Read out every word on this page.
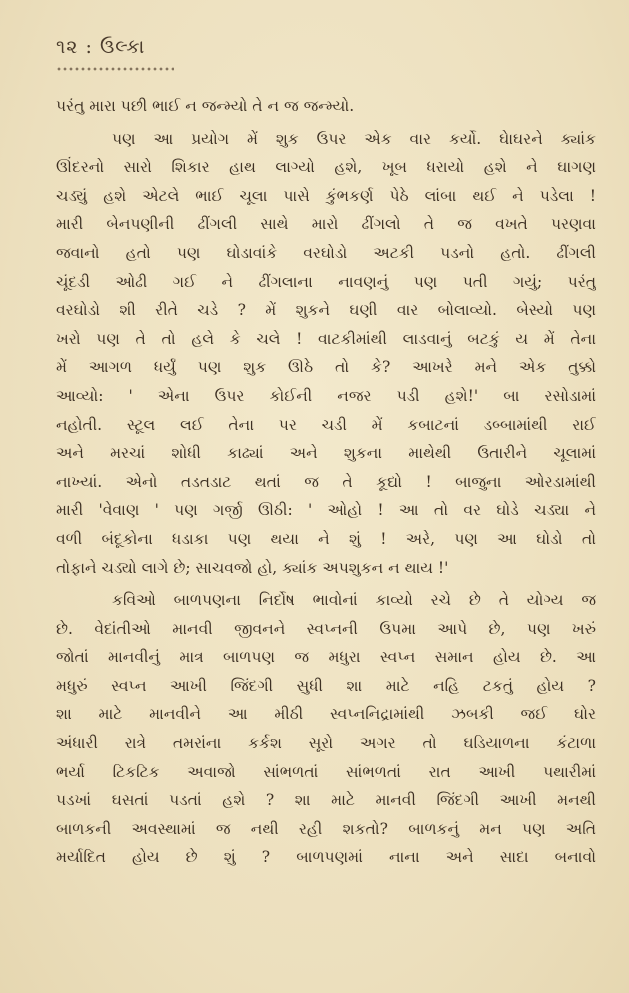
૧૨ : ઉલ્કા
પરંતુ મારા પછી ભાઈ ન જન્મ્યો તે ન જ જન્મ્યો.
પણ આ પ્રયોગ મેં શુક ઉપર એક વાર કર્યો. ઘેાઘરને ક્યાંક
ઊંદરનો સારો શિકાર હાથ લાગ્યો હશે, ખૂબ ધરાયો હશે ને ઘાગણ
ચડ્યું હશે એટલે ભાઈ ચૂલા પાસે કુંભકર્ણ પેઠે લાંબા થઈ ને પડેલા !
મારી બેનપણીની ઢીંગલી સાથે મારો ઢીંગલો તે જ વખતે પરણવા
જવાનો હતો પણ ઘોડાવાંકે વરઘોડો અટકી પડનો હતો. ઢીંગલી
ચૂંદડી ઓઢી ગઈ ને ઢીંગલાના નાવણનું પણ પતી ગયું; પરંતુ
વરઘોડો શી રીતે ચડે ? મેં શુકને ઘણી વાર બોલાવ્યો. બેસ્યો પણ
ખરો પણ તે તો હલે કે ચલે ! વાટકીમાંથી લાડવાનું બટકું ય મેં તેના
મેં આગળ ધર્યું પણ શુક ઊઠે તો કે? આખરે મને એક તુક્કો
આવ્યો: ' એના ઉપર કોઈની નજર પડી હશે!' બા રસોડામાં
નહોતી. સ્ટૂલ લઈ તેના પર ચડી મેં કબાટનાં ડબ્બામાંથી રાઈ
અને મરચાં શોધી કાઢ્યાં અને શુકના માથેથી ઉતારીને ચૂલામાં
નાખ્યાં. એનો તડતડાટ થતાં જ તે કૂદ્યો ! બાજુના ઓરડામાંથી
મારી 'વેવાણ ' પણ ગર્જી ઊઠી: ' ઓહો ! આ તો વર ઘોડે ચડ્યા ને
વળી બંદૂકોના ધડાકા પણ થયા ને શું ! અરે, પણ આ ઘોડો તો
તોફાને ચડ્યો લાગે છે; સાચવજો હો, ક્યાંક અપશુકન ન થાય !'
કવિઓ બાળપણના નિર્દોષ ભાવોનાં કાવ્યો રચે છે તે યોગ્ય જ
છે. વેદાંતીઓ માનવી જીવનને સ્વપ્નની ઉપમા આપે છે, પણ ખરું
જોતાં માનવીનું માત્ર બાળપણ જ મધુરા સ્વપ્ન સમાન હોય છે. આ
મધુરું સ્વપ્ન આખી જિંદગી સુધી શા માટે નહિ ટકતું હોય ?
શા માટે માનવીને આ મીઠી સ્વપ્નનિદ્રામાંથી ઝબકી જઈ ઘોર
અંધારી રાત્રે તમરાંના કર્કશ સૂરો અગર તો ઘડિયાળના કંટાળા
ભર્યા ટિકટિક અવાજો સાંભળતાં સાંભળતાં રાત આખી પથારીમાં
પડખાં ઘસતાં પડતાં હશે ? શા માટે માનવી જિંદગી આખી મનથી
બાળકની અવસ્થામાં જ નથી રહી શકતો? બાળકનું મન પણ અતિ
મર્યાદિત હોય છે શું ? બાળપણમાં નાના અને સાદા બનાવો
